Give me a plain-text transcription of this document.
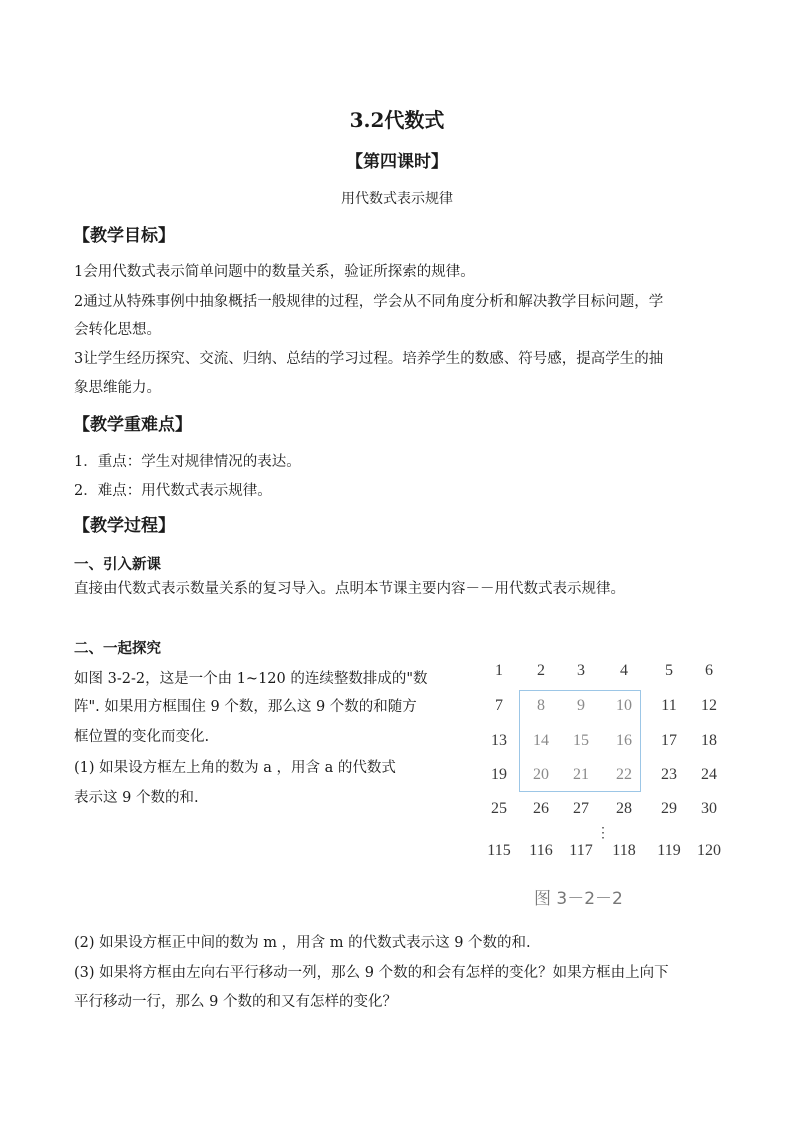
3.2代数式
【第四课时】
用代数式表示规律
【教学目标】
1会用代数式表示简单问题中的数量关系，验证所探索的规律。
2通过从特殊事例中抽象概括一般规律的过程，学会从不同角度分析和解决教学目标问题，学
会转化思想。
3让学生经历探究、交流、归纳、总结的学习过程。培养学生的数感、符号感，提高学生的抽
象思维能力。
【教学重难点】
1．重点：学生对规律情况的表达。
2．难点：用代数式表示规律。
【教学过程】
一、引入新课
直接由代数式表示数量关系的复习导入。点明本节课主要内容－－用代数式表示规律。
二、一起探究
如图 3-2-2，这是一个由 1~120 的连续整数排成的"数
阵". 如果用方框围住 9 个数，那么这 9 个数的和随方
框位置的变化而变化.
(1) 如果设方框左上角的数为 a ，用含 a 的代数式
表示这 9 个数的和.
⋮
图 3－2－2
1 2 3 4 5 6
7 8 9 10 11 12
13 14 15 16 17 18
19 20 21 22 23 24
25 26 27 28 29 30
115 116 117 118 119 120
(2) 如果设方框正中间的数为 m ，用含 m 的代数式表示这 9 个数的和.
(3) 如果将方框由左向右平行移动一列，那么 9 个数的和会有怎样的变化？如果方框由上向下
平行移动一行，那么 9 个数的和又有怎样的变化？
